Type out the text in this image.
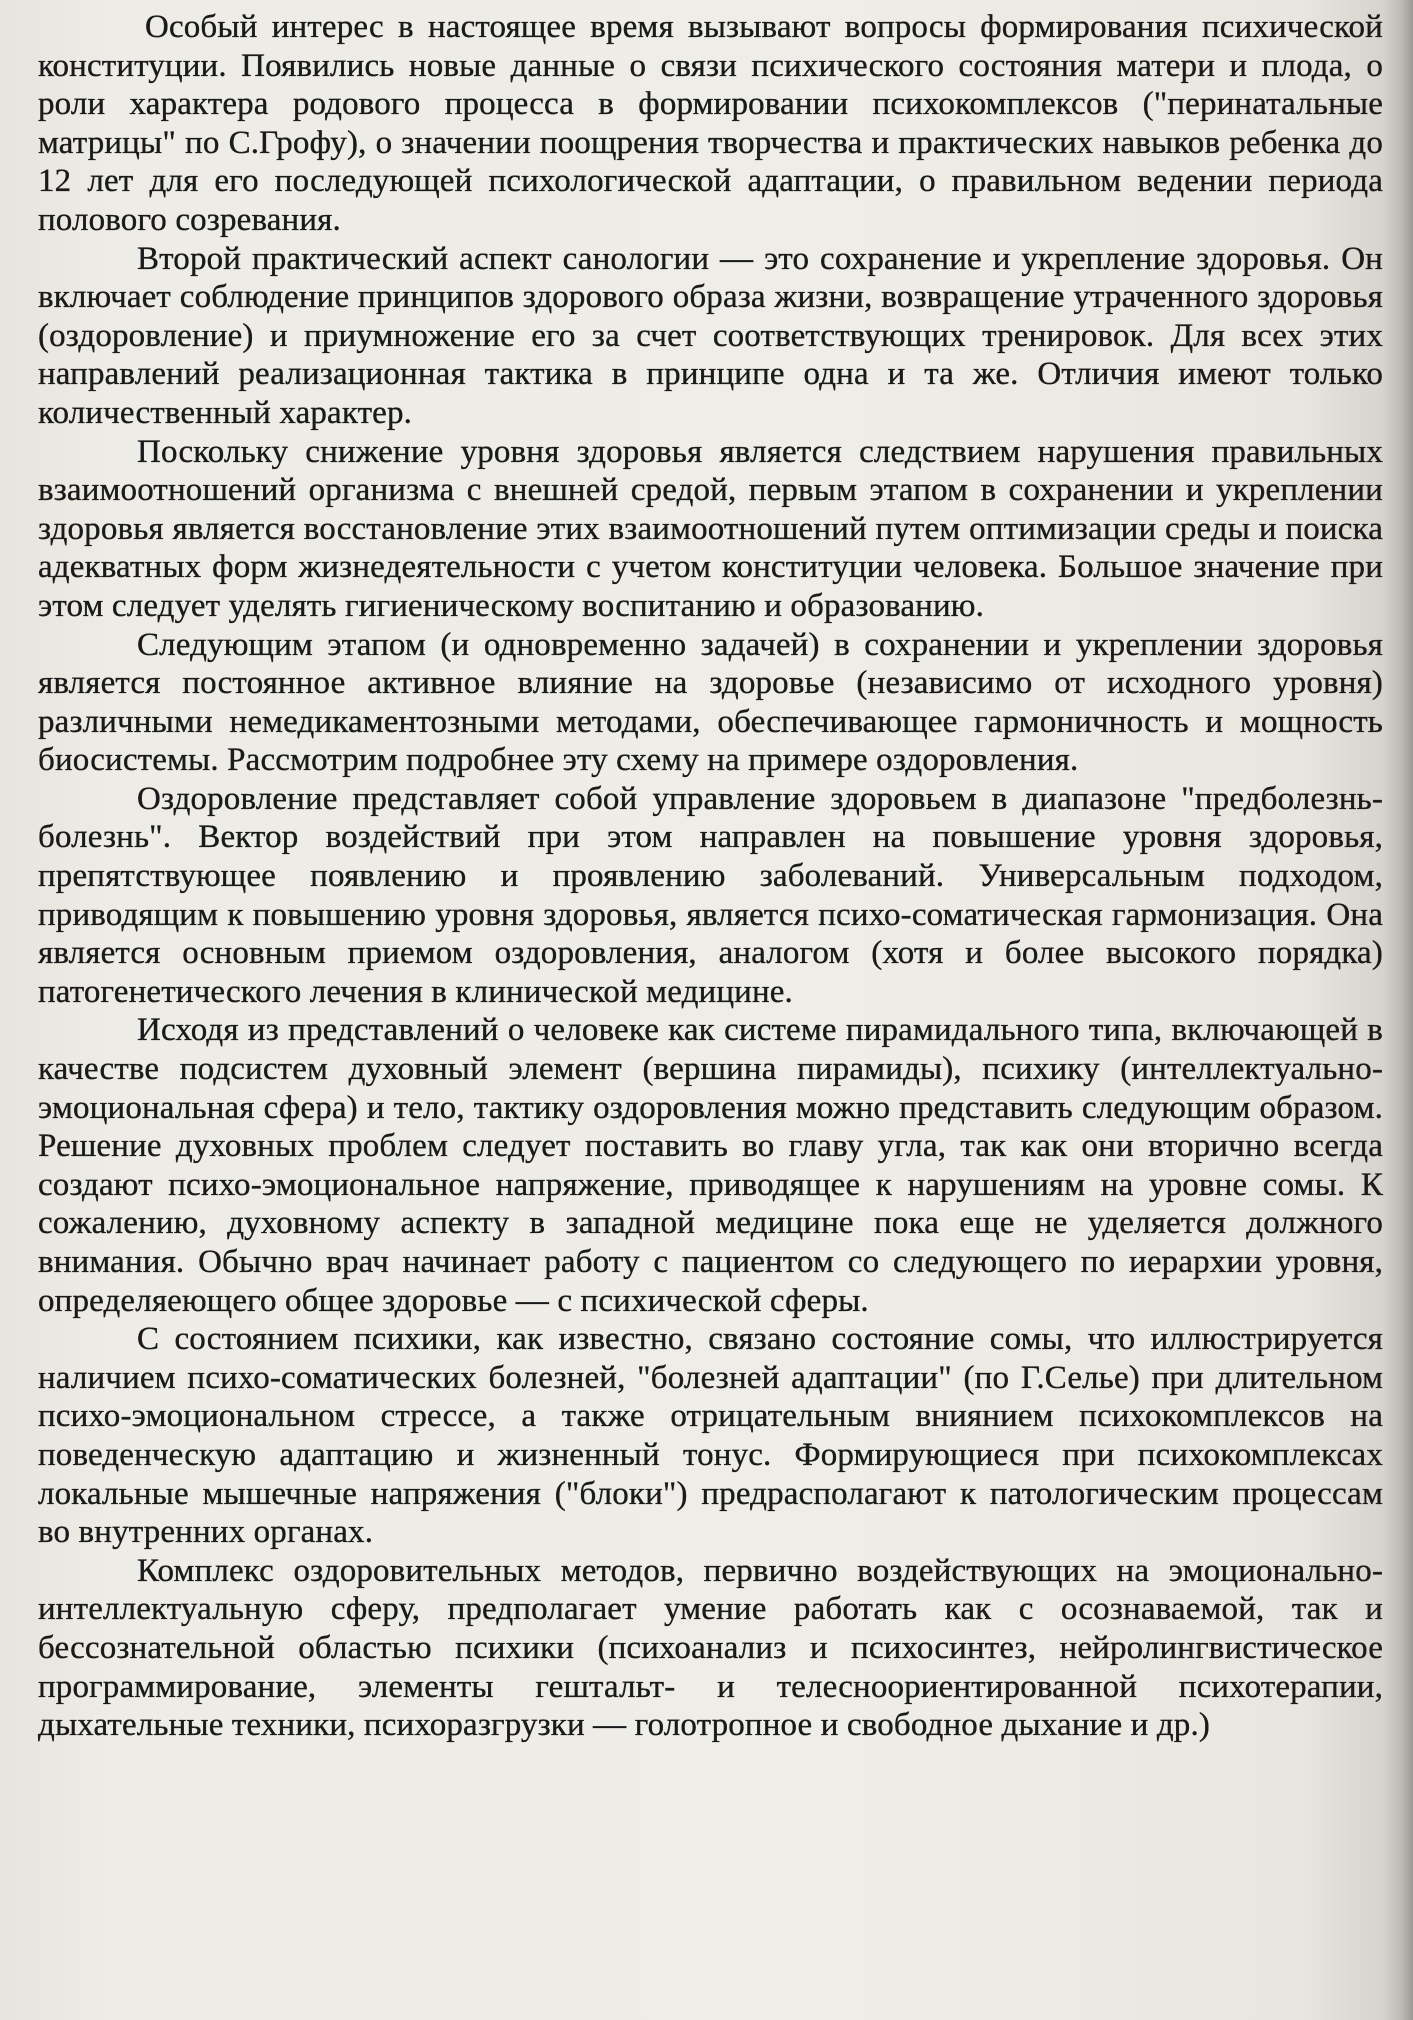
Особый интерес в настоящее время вызывают вопросы формирования психической конституции. Появились новые данные о связи психического состояния матери и плода, о роли характера родового процесса в формировании психокомплексов ("перинатальные матрицы" по С.Грофу), о значении поощрения творчества и практических навыков ребенка до 12 лет для его последующей психологической адаптации, о правильном ведении периода полового созревания.

Второй практический аспект санологии — это сохранение и укрепление здоровья. Он включает соблюдение принципов здорового образа жизни, возвращение утраченного здоровья (оздоровление) и приумножение его за счет соответствующих тренировок. Для всех этих направлений реализационная тактика в принципе одна и та же. Отличия имеют только количественный характер.

Поскольку снижение уровня здоровья является следствием нарушения правильных взаимоотношений организма с внешней средой, первым этапом в сохранении и укреплении здоровья является восстановление этих взаимоотношений путем оптимизации среды и поиска адекватных форм жизнедеятельности с учетом конституции человека. Большое значение при этом следует уделять гигиеническому воспитанию и образованию.

Следующим этапом (и одновременно задачей) в сохранении и укреплении здоровья является постоянное активное влияние на здоровье (независимо от исходного уровня) различными немедикаментозными методами, обеспечивающее гармоничность и мощность биосистемы. Рассмотрим подробнее эту схему на примере оздоровления.

Оздоровление представляет собой управление здоровьем в диапазоне "предболезнь-болезнь". Вектор воздействий при этом направлен на повышение уровня здоровья, препятствующее появлению и проявлению заболеваний. Универсальным подходом, приводящим к повышению уровня здоровья, является психо-соматическая гармонизация. Она является основным приемом оздоровления, аналогом (хотя и более высокого порядка) патогенетического лечения в клинической медицине.

Исходя из представлений о человеке как системе пирамидального типа, включающей в качестве подсистем духовный элемент (вершина пирамиды), психику (интеллектуально-эмоциональная сфера) и тело, тактику оздоровления можно представить следующим образом. Решение духовных проблем следует поставить во главу угла, так как они вторично всегда создают психо-эмоциональное напряжение, приводящее к нарушениям на уровне сомы. К сожалению, духовному аспекту в западной медицине пока еще не уделяется должного внимания. Обычно врач начинает работу с пациентом со следующего по иерархии уровня, определяеющего общее здоровье — с психической сферы.

С состоянием психики, как известно, связано состояние сомы, что иллюстрируется наличием психо-соматических болезней, "болезней адаптации" (по Г.Селье) при длительном психо-эмоциональном стрессе, а также отрицательным вниянием психокомплексов на поведенческую адаптацию и жизненный тонус. Формирующиеся при психокомплексах локальные мышечные напряжения ("блоки") предрасполагают к патологическим процессам во внутренних органах.

Комплекс оздоровительных методов, первично воздействующих на эмоционально-интеллектуальную сферу, предполагает умение работать как с осознаваемой, так и бессознательной областью психики (психоанализ и психосинтез, нейролингвистическое программирование, элементы гештальт- и телесноориентированной психотерапии, дыхательные техники, психоразгрузки — голотропное и свободное дыхание и др.)
